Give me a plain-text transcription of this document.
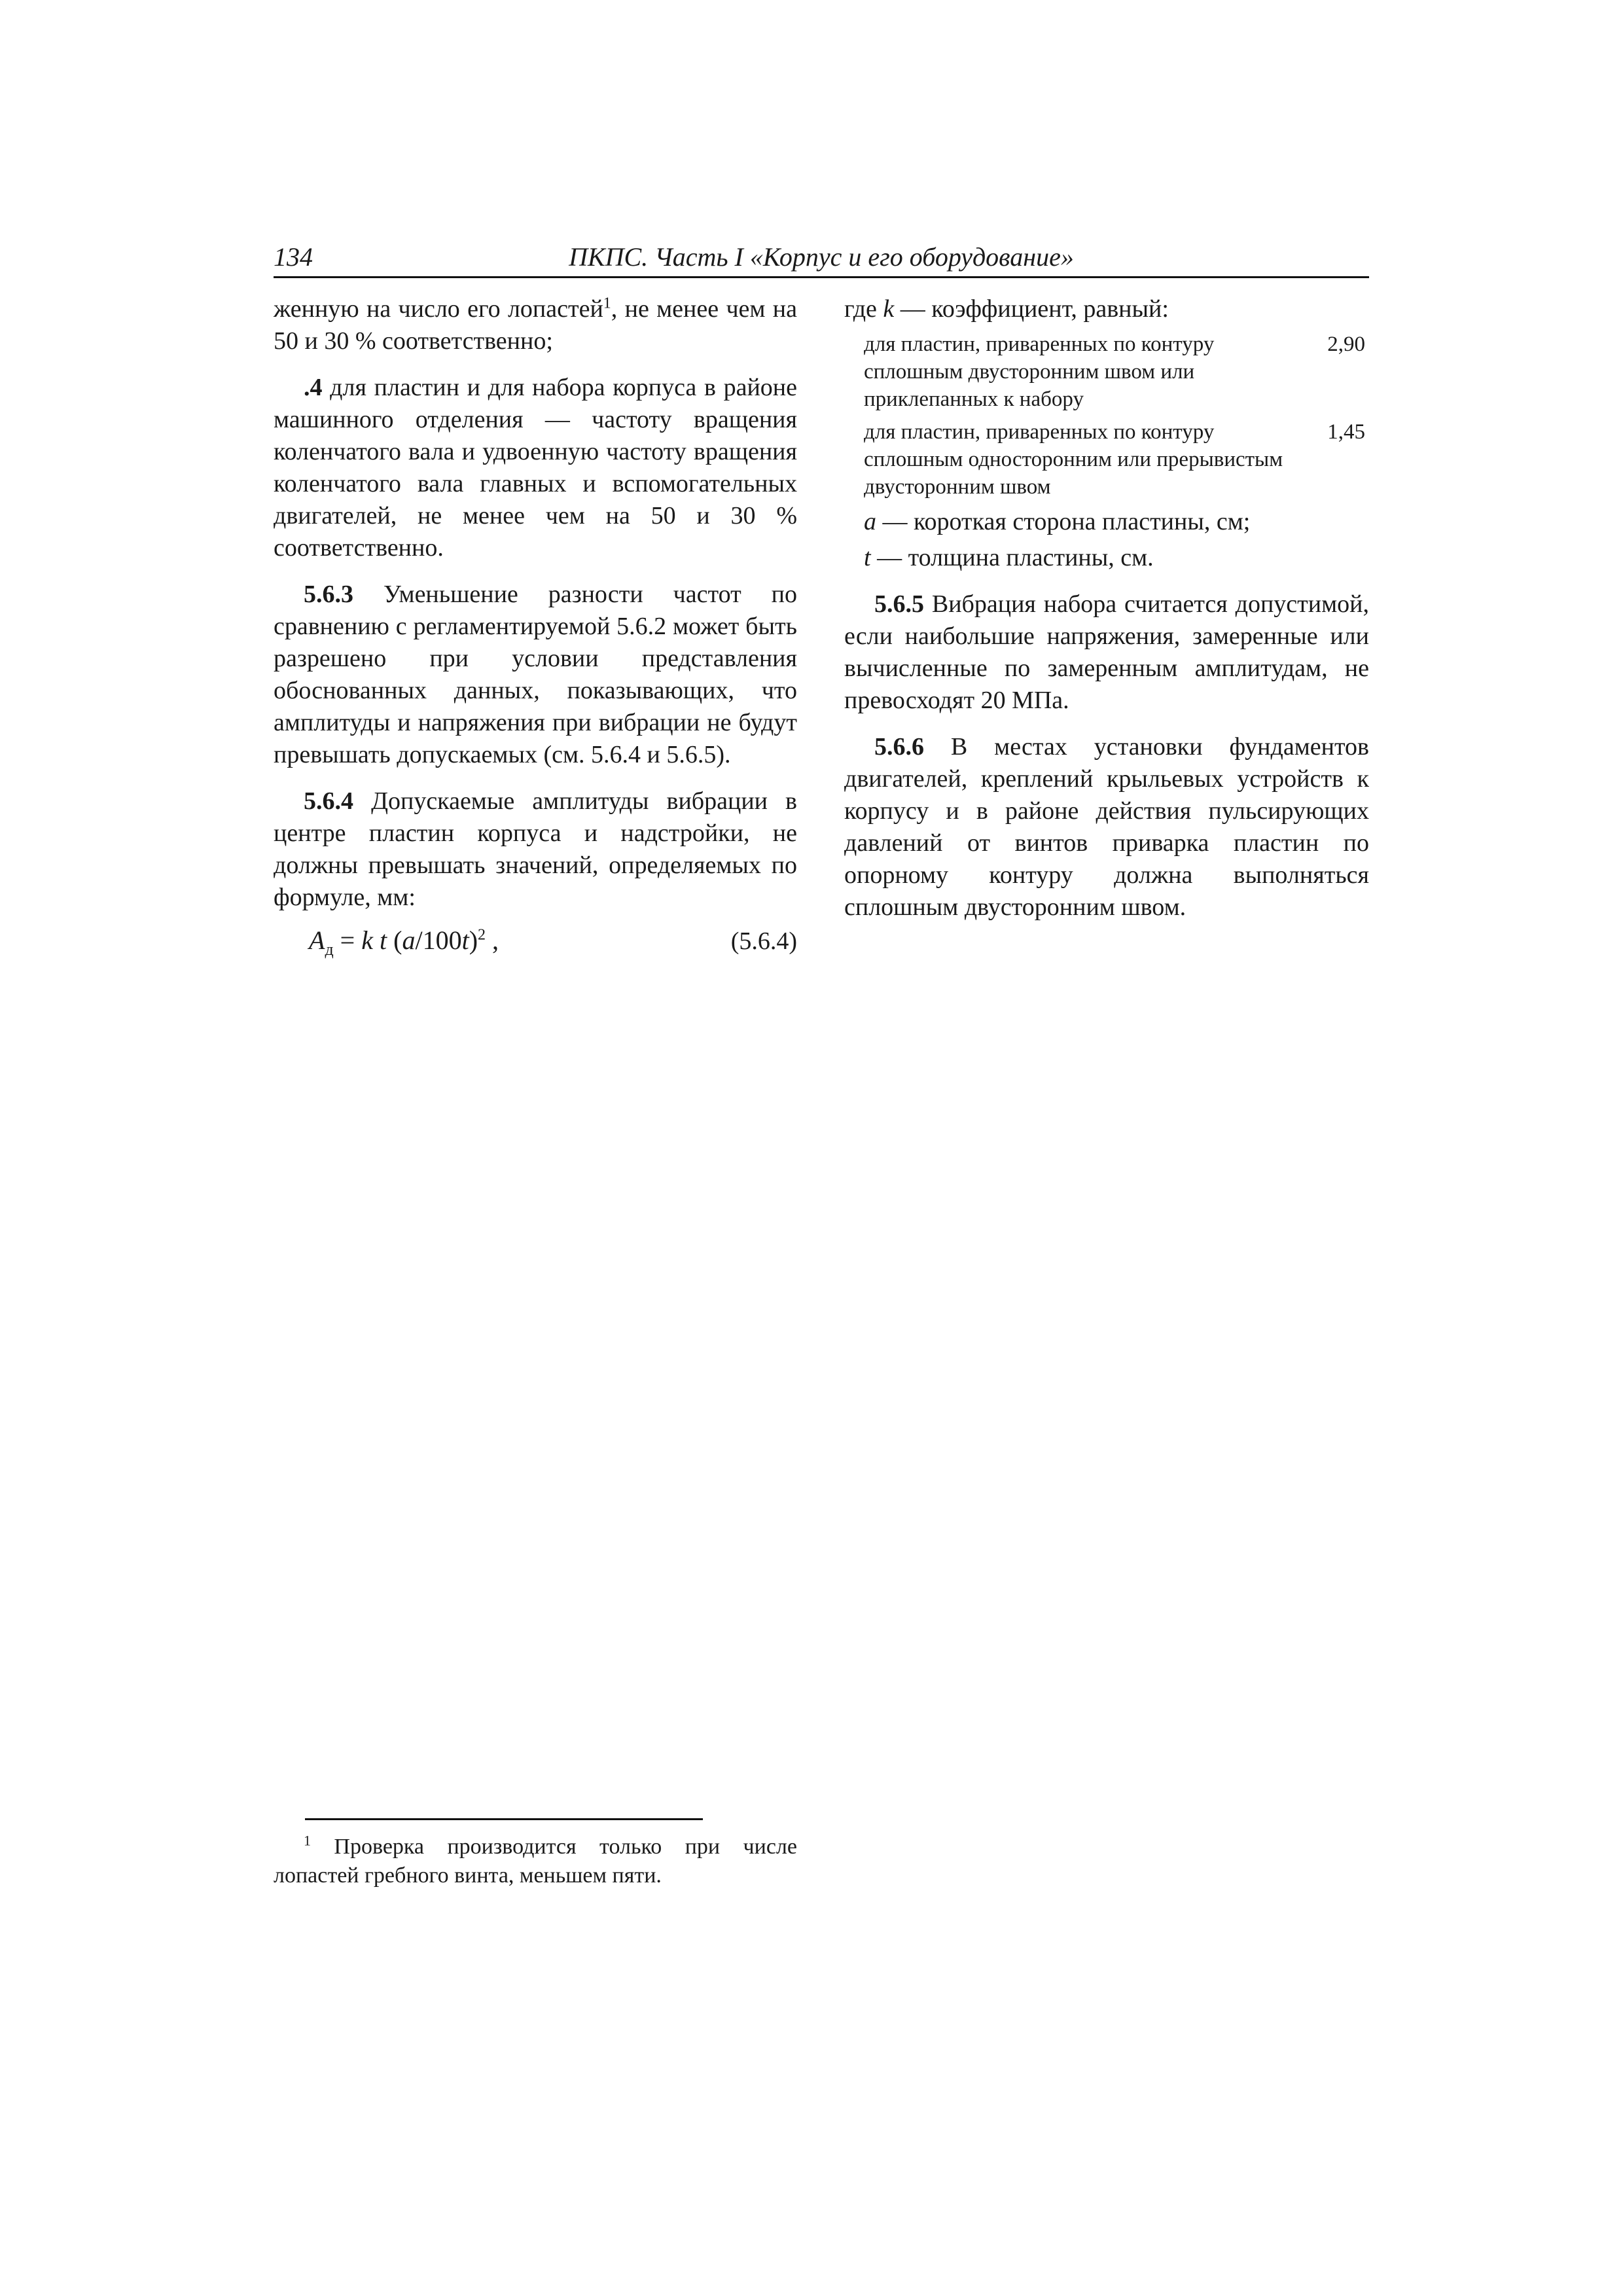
134	ПКПС. Часть I «Корпус и его оборудование»

женную на число его лопастей$^1$, не менее чем на 50 и 30 % соответственно;

.4 для пластин и для набора корпуса в районе машинного отделения — частоту вращения коленчатого вала и удвоенную частоту вращения коленчатого вала главных и вспомогательных двигателей, не менее чем на 50 и 30 % соответственно.

5.6.3 Уменьшение разности частот по сравнению с регламентируемой 5.6.2 может быть разрешено при условии представления обоснованных данных, показывающих, что амплитуды и напряжения при вибрации не будут превышать допускаемых (см. 5.6.4 и 5.6.5).

5.6.4 Допускаемые амплитуды вибрации в центре пластин корпуса и надстройки, не должны превышать значений, определяемых по формуле, мм:

$A_д = k$ t $(a/100t)^2$ ,	(5.6.4)

где k — коэффициент, равный:

для пластин, приваренных по контуру сплошным двусторонним швом или приклепанных к набору
2,90
для пластин, приваренных по контуру сплошным односторонним или прерывистым двусторонним швом
1,45

a — короткая сторона пластины, см;

t — толщина пластины, см.

5.6.5 Вибрация набора считается допустимой, если наибольшие напряжения, замеренные или вычисленные по замеренным амплитудам, не превосходят 20 МПа.

5.6.6 В местах установки фундаментов двигателей, креплений крыльевых устройств к корпусу и в районе действия пульсирующих давлений от винтов приварка пластин по опорному контуру должна выполняться сплошным двусторонним швом.

$^1$ Проверка производится только при числе лопастей гребного винта, меньшем пяти.
